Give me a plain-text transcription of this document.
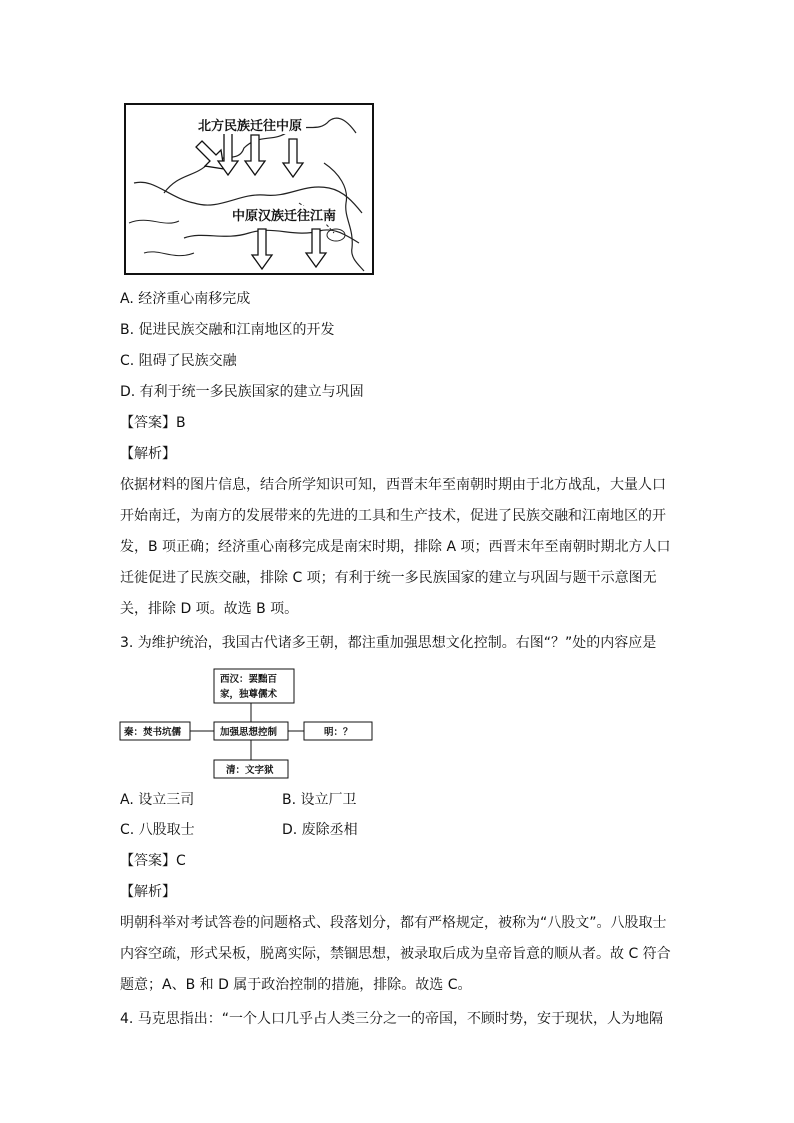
北方民族迁往中原
中原汉族迁往江南
A. 经济重心南移完成
B. 促进民族交融和江南地区的开发
C. 阻碍了民族交融
D. 有利于统一多民族国家的建立与巩固
【答案】B
【解析】
依据材料的图片信息，结合所学知识可知，西晋末年至南朝时期由于北方战乱，大量人口
开始南迁，为南方的发展带来的先进的工具和生产技术，促进了民族交融和江南地区的开
发，B 项正确；经济重心南移完成是南宋时期，排除 A 项；西晋末年至南朝时期北方人口
迁徙促进了民族交融，排除 C 项；有利于统一多民族国家的建立与巩固与题干示意图无
关，排除 D 项。故选 B 项。
3. 为维护统治，我国古代诸多王朝，都注重加强思想文化控制。右图“？”处的内容应是
西汉：罢黜百
家，独尊儒术
秦：焚书坑儒	加强思想控制	明：？
清：文字狱
A. 设立三司	B. 设立厂卫
C. 八股取士	D. 废除丞相
【答案】C
【解析】
明朝科举对考试答卷的问题格式、段落划分，都有严格规定，被称为“八股文”。八股取士
内容空疏，形式呆板，脱离实际，禁锢思想，被录取后成为皇帝旨意的顺从者。故 C 符合
题意；A、B 和 D 属于政治控制的措施，排除。故选 C。
4. 马克思指出：“一个人口几乎占人类三分之一的帝国，不顾时势，安于现状，人为地隔
